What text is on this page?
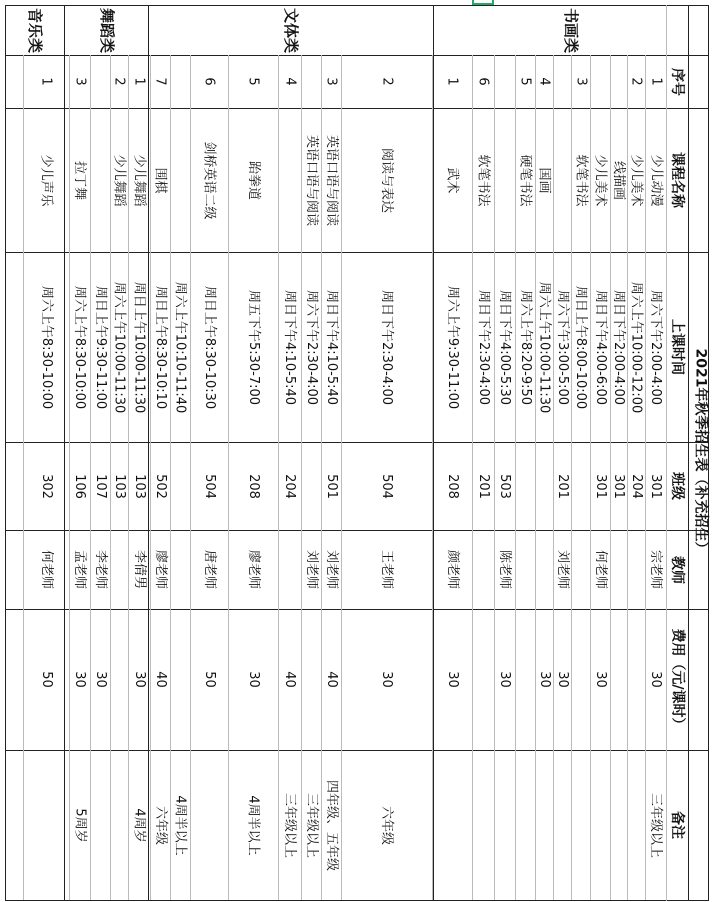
2021年秋季招生表（补充招生）
序号
课程名称
上课时间
班级
教师
费用（元/课时）
备注
书画类
文体类
舞蹈类
音乐类
1
少儿动漫
周六下午2:00-4:00
301
宗老师
30
三年级以上
2
少儿美术
周六上午10:00-12:00
204
线描画
周日下午2:00-4:00
301
少儿美术
周日下午4:00-6:00
301
何老师
30
3
软笔书法
周日上午8:00-10:00
周六下午3:00-5:00
201
刘老师
30
4
国画
周六上午10:00-11:30
30
5
硬笔书法
周六上午8:20-9:50
周日下午4:00-5:30
503
陈老师
30
6
软笔书法
周日下午2:30-4:00
201
1
武术
周六上午9:30-11:00
208
颜老师
30
2
阅读与表达
周日下午2:30-4:00
504
王老师
30
六年级
3
英语口语与阅读
周日下午4:10-5:40
501
刘老师
40
四年级、五年级
英语口语与阅读
周六下午2:30-4:00
刘老师
三年级以上
4
周日下午4:10-5:40
204
40
三年级以上
5
跆拳道
周五下午5:30-7:00
208
廖老师
30
4周半以上
6
剑桥英语二级
周日上午8:30-10:30
504
唐老师
50
周六上午10:10-11:40
4周半以上
7
围棋
周日上午8:30-10:10
502
廖老师
40
六年级
1
少儿舞蹈
周日上午10:00-11:30
103
李倩男
30
4周岁
2
少儿舞蹈
周六上午10:00-11:30
103
周日上午9:30-11:00
107
李老师
30
3
拉丁舞
周六上午8:30-10:00
106
孟老师
30
5周岁
1
少儿声乐
周六上午8:30-10:00
302
何老师
50
